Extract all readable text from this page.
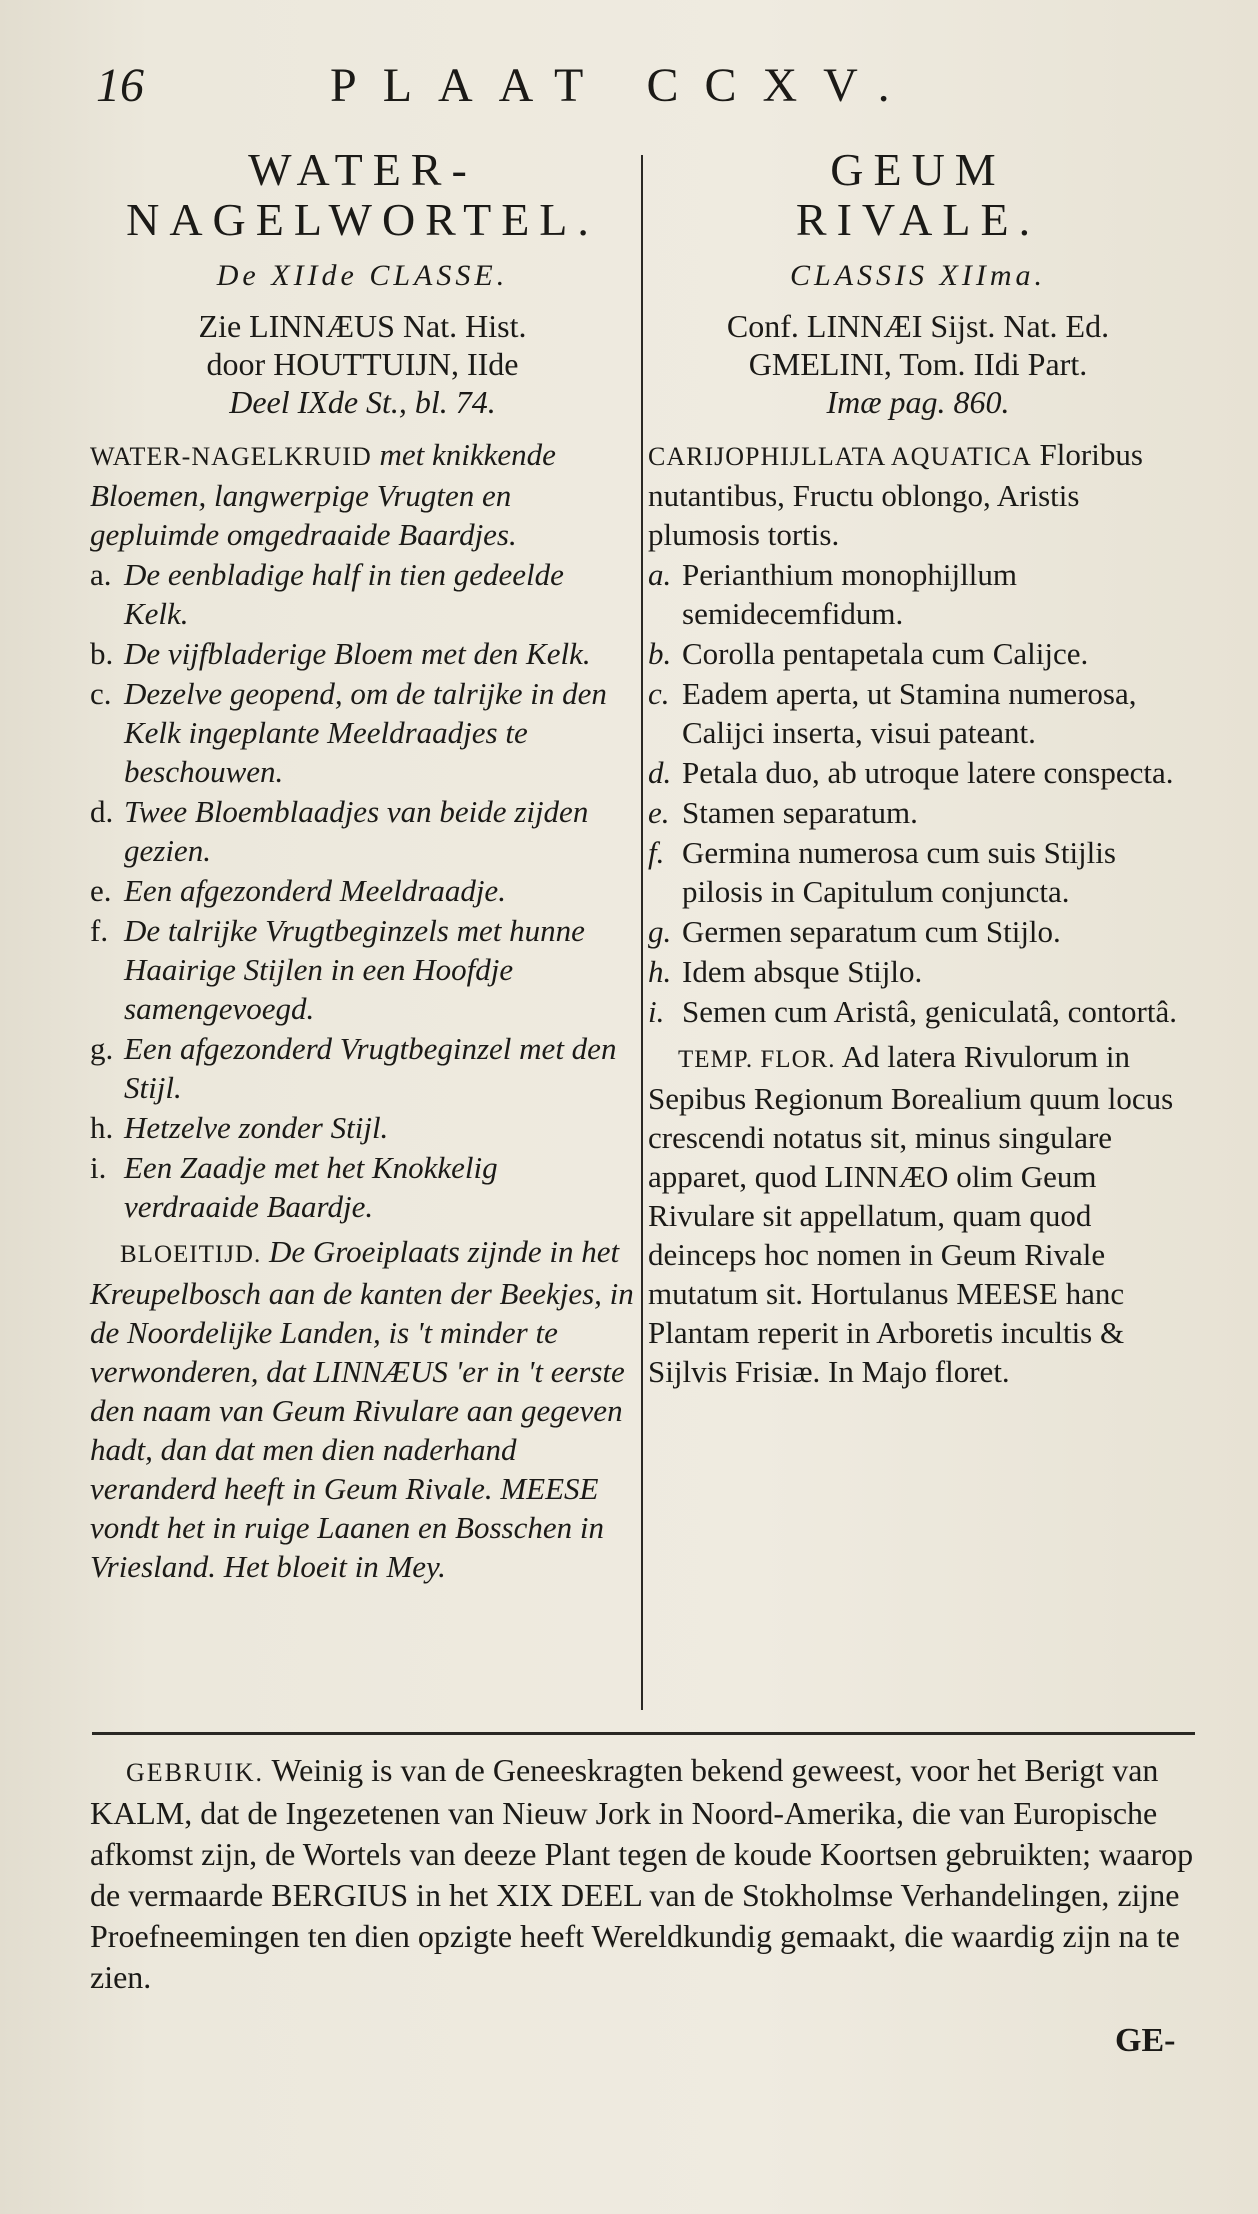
16	PLAAT CCXV.
WATER-
NAGELWORTEL.
De XIIde CLASSE.
Zie LINNÆUS Nat. Hist.
door HOUTTUIJN, IIde
Deel IXde St., bl. 74.
WATER-NAGELKRUID met knikkende Bloemen, langwerpige Vrugten en gepluimde omgedraaide Baardjes.
a. De eenbladige half in tien gedeelde Kelk.
b. De vijfbladerige Bloem met den Kelk.
c. Dezelve geopend, om de talrijke in den Kelk ingeplante Meeldraadjes te beschouwen.
d. Twee Bloemblaadjes van beide zijden gezien.
e. Een afgezonderd Meeldraadje.
f. De talrijke Vrugtbeginzels met hunne Haairige Stijlen in een Hoofdje samengevoegd.
g. Een afgezonderd Vrugtbeginzel met den Stijl.
h. Hetzelve zonder Stijl.
i. Een Zaadje met het Knokkelig verdraaide Baardje.
BLOEITIJD. De Groeiplaats zijnde in het Kreupelbosch aan de kanten der Beekjes, in de Noordelijke Landen, is 't minder te verwonderen, dat LINNÆUS 'er in 't eerste den naam van Geum Rivulare aan gegeven hadt, dan dat men dien naderhand veranderd heeft in Geum Rivale. MEESE vondt het in ruige Laanen en Bosschen in Vriesland. Het bloeit in Mey.
GEUM
RIVALE.
CLASSIS XIIma.
Conf. LINNÆI Sijst. Nat. Ed.
GMELINI, Tom. IIdi Part.
Imæ pag. 860.
CARIJOPHIJLLATA AQUATICA Floribus nutantibus, Fructu oblongo, Aristis plumosis tortis.
a. Perianthium monophijllum semidecemfidum.
b. Corolla pentapetala cum Calijce.
c. Eadem aperta, ut Stamina numerosa, Calijci inserta, visui pateant.
d. Petala duo, ab utroque latere conspecta.
e. Stamen separatum.
f. Germina numerosa cum suis Stijlis pilosis in Capitulum conjuncta.
g. Germen separatum cum Stijlo.
h. Idem absque Stijlo.
i. Semen cum Aristâ, geniculatâ, contortâ.
TEMP. FLOR. Ad latera Rivulorum in Sepibus Regionum Borealium quum locus crescendi notatus sit, minus singulare apparet, quod LINNÆO olim Geum Rivulare sit appellatum, quam quod deinceps hoc nomen in Geum Rivale mutatum sit. Hortulanus MEESE hanc Plantam reperit in Arboretis incultis & Sijlvis Frisiæ. In Majo floret.
GEBRUIK. Weinig is van de Geneeskragten bekend geweest, voor het Berigt van KALM, dat de Ingezetenen van Nieuw Jork in Noord-Amerika, die van Europische afkomst zijn, de Wortels van deeze Plant tegen de koude Koortsen gebruikten; waarop de vermaarde BERGIUS in het XIX DEEL van de Stokholmse Verhandelingen, zijne Proefneemingen ten dien opzigte heeft Wereldkundig gemaakt, die waardig zijn na te zien.
GE-
